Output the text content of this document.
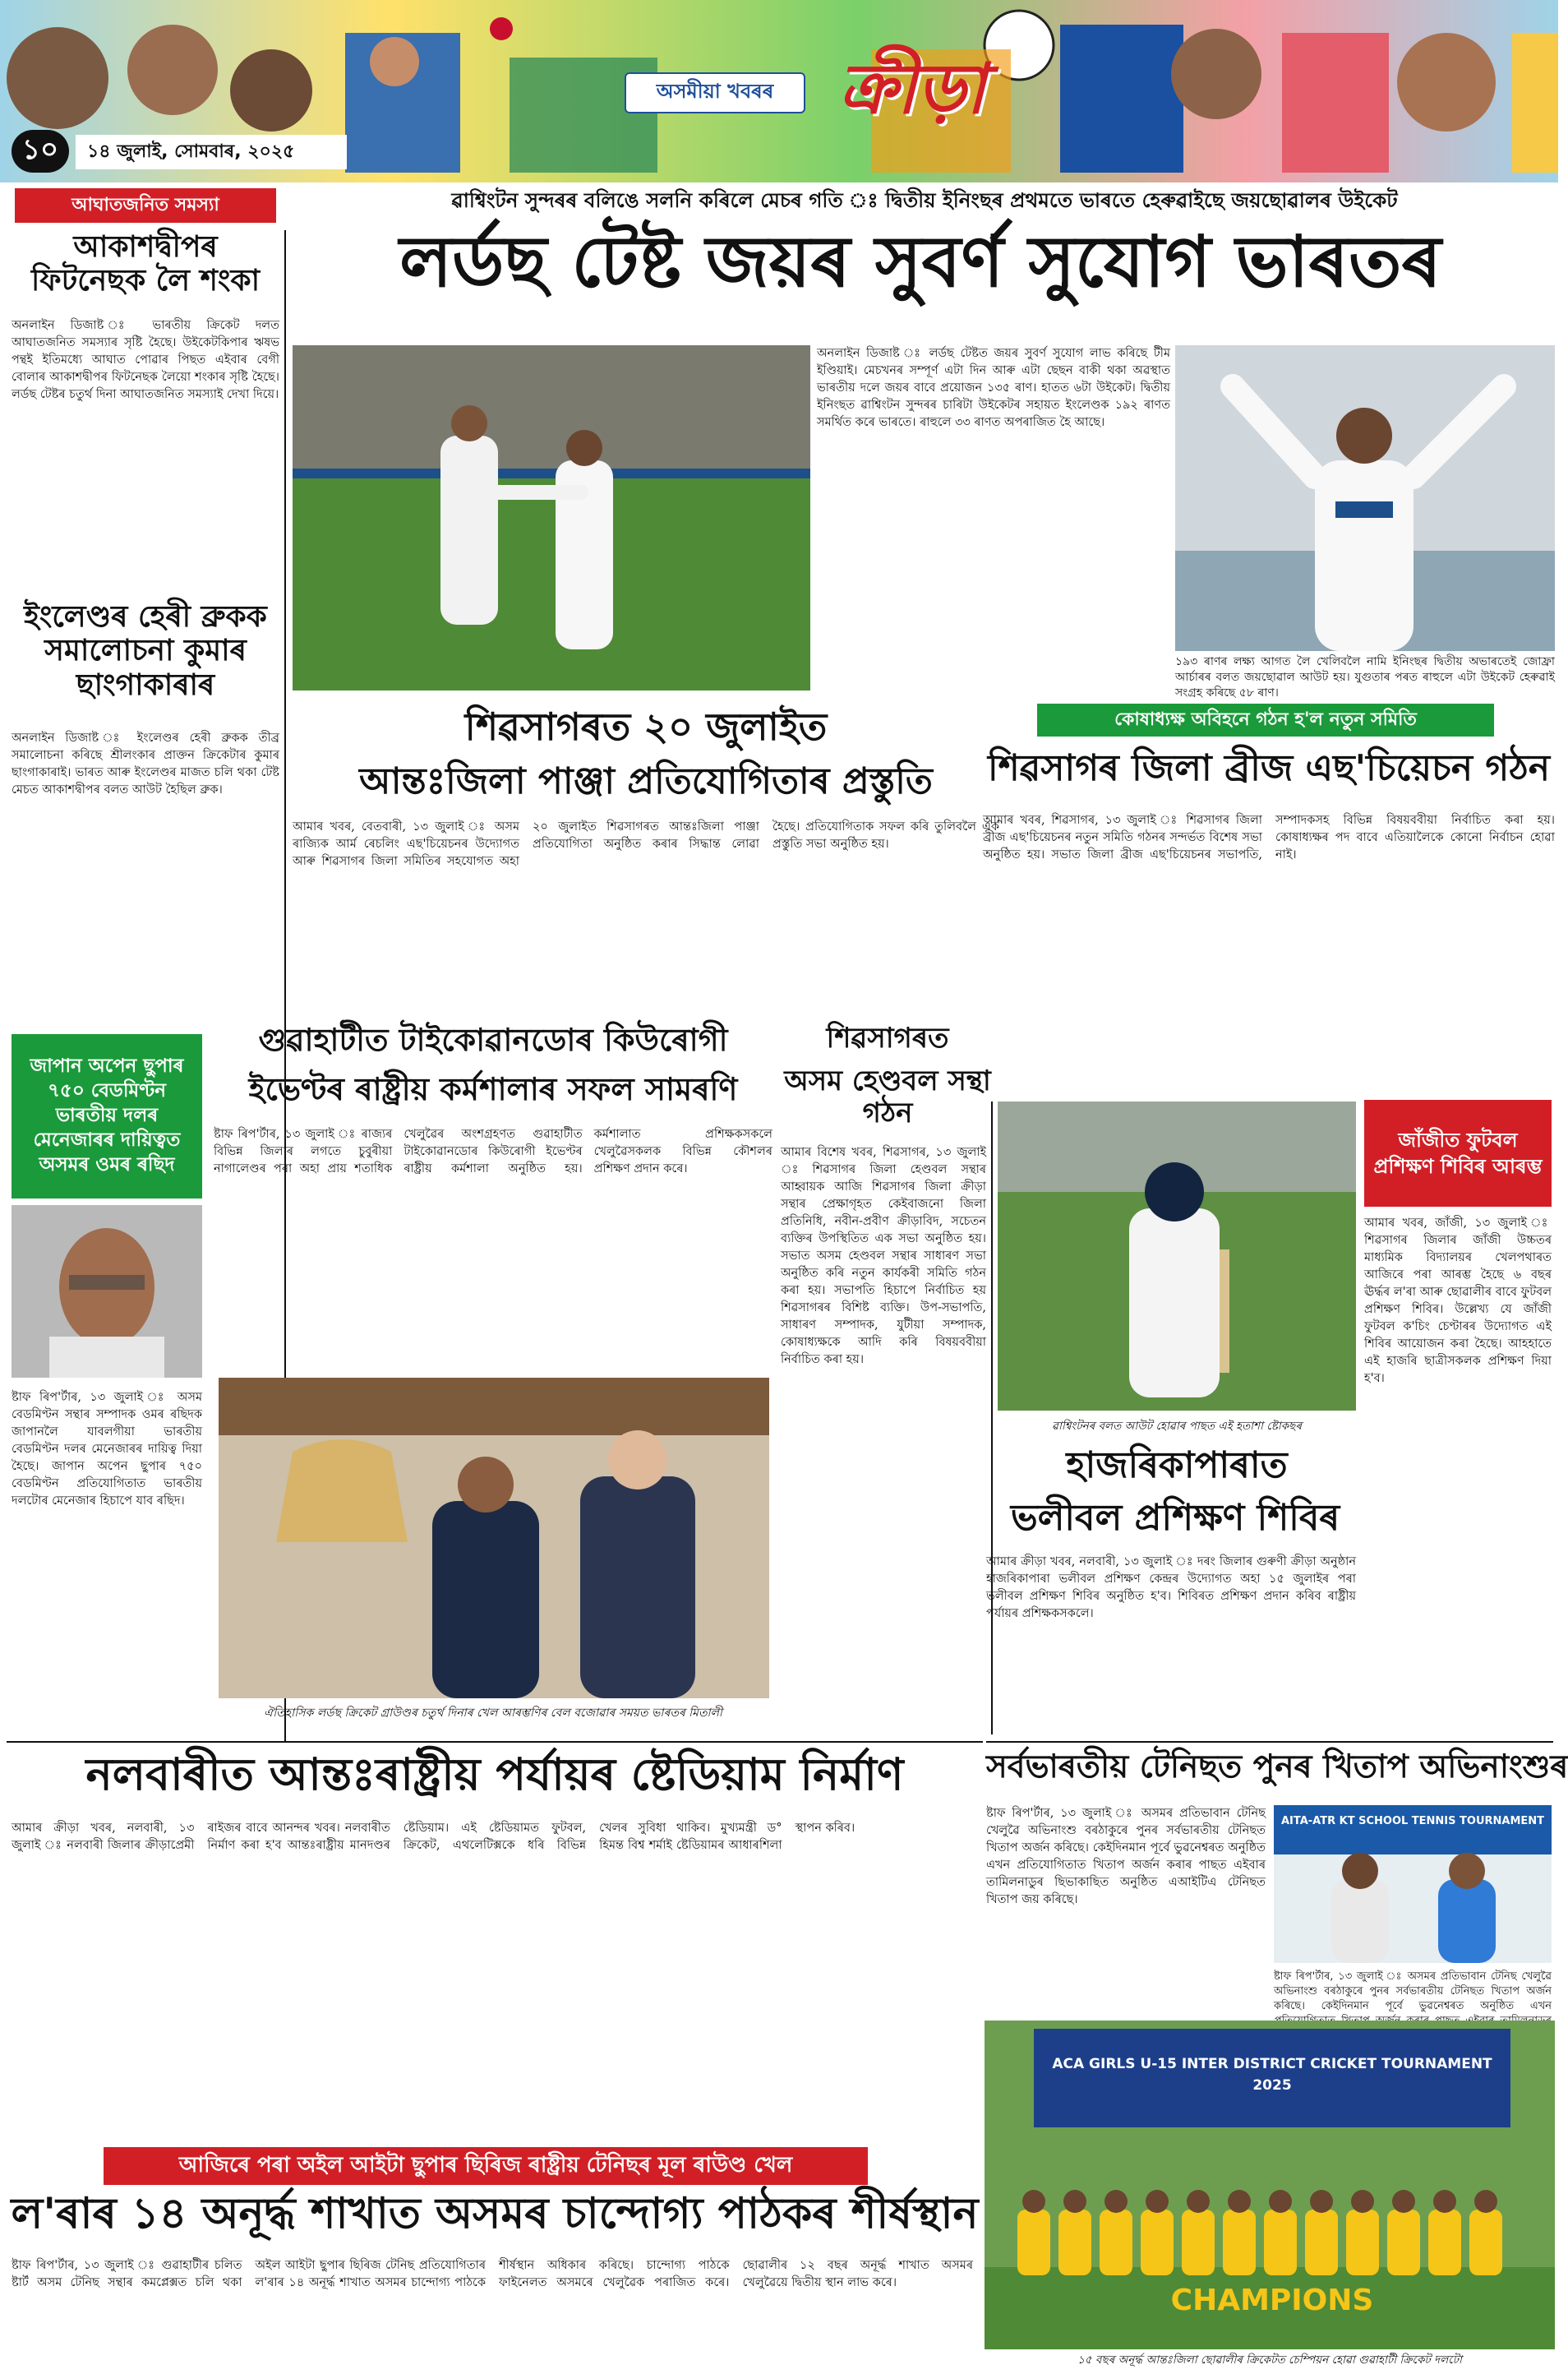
অসমীয়া খবৰৰ ক্ৰীড়া
১০ ১৪ জুলাই, সোমবাৰ, ২০২৫
আঘাতজনিত সমস্যা	ৱাশ্বিংটন সুন্দৰৰ বলিঙে সলনি কৰিলে মেচৰ গতি ঃ দ্বিতীয় ইনিংছৰ প্ৰথমতে ভাৰতে হেৰুৱাইছে জয়ছোৱালৰ উইকেট
লৰ্ডছ টেষ্ট জয়ৰ সুবৰ্ণ সুযোগ ভাৰতৰ
আকাশদ্বীপৰ ফিটনেছক লৈ শংকা
অনলাইন ডিজাষ্ট ঃ ভাৰতীয় ক্ৰিকেট দলত আঘাতজনিত সমস্যাৰ সৃষ্টি হৈছে। উইকেটকিপাৰ ঋষভ পন্থই ইতিমধ্যে আঘাত পোৱাৰ পিছত এইবাৰ বেগী বোলাৰ আকাশদ্বীপৰ ফিটনেছক লৈয়ো শংকাৰ সৃষ্টি হৈছে। লৰ্ডছ টেষ্টৰ চতুৰ্থ দিনা আঘাতজনিত সমস্যাই দেখা দিয়ে।
ইংলেণ্ডৰ হেৰী ব্ৰুকক সমালোচনা কুমাৰ ছাংগাকাৰাৰ
অনলাইন ডিজাষ্ট ঃ ইংলেণ্ডৰ হেৰী ব্ৰুকক তীব্ৰ সমালোচনা কৰিছে শ্ৰীলংকাৰ প্ৰাক্তন ক্ৰিকেটাৰ কুমাৰ ছাংগাকাৰাই। ভাৰত আৰু ইংলেণ্ডৰ মাজত চলি থকা টেষ্ট মেচত আকাশদ্বীপৰ বলত আউট হৈছিল ব্ৰুক।
জাপান অপেন ছুপাৰ ৭৫০ বেডমিণ্টন ভাৰতীয় দলৰ মেনেজাৰৰ দায়িত্বত অসমৰ ওমৰ ৰছিদ
ষ্টাফ ৰিপ'ৰ্টাৰ, ১৩ জুলাই ঃ অসম বেডমিণ্টন সন্থাৰ সম্পাদক ওমৰ ৰছিদক জাপানলৈ যাবলগীয়া ভাৰতীয় বেডমিণ্টন দলৰ মেনেজাৰৰ দায়িত্ব দিয়া হৈছে। জাপান অপেন ছুপাৰ ৭৫০ বেডমিণ্টন প্ৰতিযোগিতাত ভাৰতীয় দলটোৰ মেনেজাৰ হিচাপে যাব ৰছিদ।
অনলাইন ডিজাষ্ট ঃ লৰ্ডছ টেষ্টত জয়ৰ সুবৰ্ণ সুযোগ লাভ কৰিছে টীম ইণ্ডিয়াই। মেচখনৰ সম্পূৰ্ণ এটা দিন আৰু এটা ছেছন বাকী থকা অৱস্থাত ভাৰতীয় দলে জয়ৰ বাবে প্ৰয়োজন ১৩৫ ৰাণ। হাতত ৬টা উইকেট। দ্বিতীয় ইনিংছত ৱাশ্বিংটন সুন্দৰৰ চাৰিটা উইকেটৰ সহায়ত ইংলেণ্ডক ১৯২ ৰাণত সমৰ্থিত কৰে ভাৰতে। ৰাহুলে ৩৩ ৰাণত অপৰাজিত হৈ আছে।
১৯৩ ৰাণৰ লক্ষ্য আগত লৈ খেলিবলৈ নামি ইনিংছৰ দ্বিতীয় অভাৰতেই জোফ্ৰা আৰ্চাৰৰ বলত জয়ছোৱাল আউট হয়। যুগুতাৰ পৰত ৰাহুলে এটা উইকেট হেৰুৱাই সংগ্ৰহ কৰিছে ৫৮ ৰাণ।
কোষাধ্যক্ষ অবিহনে গঠন হ'ল নতুন সমিতি
শিৱসাগৰত ২০ জুলাইত
আন্তঃজিলা পাঞ্জা প্ৰতিযোগিতাৰ প্ৰস্তুতি
আমাৰ খবৰ, বেতবাৰী, ১৩ জুলাই ঃ অসম ৰাজ্যিক আৰ্ম ৰেচলিং এছ'চিয়েচনৰ উদ্যোগত আৰু শিৱসাগৰ জিলা সমিতিৰ সহযোগত অহা ২০ জুলাইত শিৱসাগৰত আন্তঃজিলা পাঞ্জা প্ৰতিযোগিতা অনুষ্ঠিত কৰাৰ সিদ্ধান্ত লোৱা হৈছে। প্ৰতিযোগিতাক সফল কৰি তুলিবলৈ এক প্ৰস্তুতি সভা অনুষ্ঠিত হয়।
শিৱসাগৰ জিলা ব্ৰীজ এছ'চিয়েচন গঠন
আমাৰ খবৰ, শিৱসাগৰ, ১৩ জুলাই ঃ শিৱসাগৰ জিলা ব্ৰীজ এছ'চিয়েচনৰ নতুন সমিতি গঠনৰ সন্দৰ্ভত বিশেষ সভা অনুষ্ঠিত হয়। সভাত জিলা ব্ৰীজ এছ'চিয়েচনৰ সভাপতি, সম্পাদকসহ বিভিন্ন বিষয়ববীয়া নিৰ্বাচিত কৰা হয়। কোষাধ্যক্ষৰ পদ বাবে এতিয়ালৈকে কোনো নিৰ্বাচন হোৱা নাই।
গুৱাহাটীত টাইকোৱানডোৰ কিউৰোগী
ইভেণ্টৰ ৰাষ্ট্ৰীয় কৰ্মশালাৰ সফল সামৰণি
ষ্টাফ ৰিপ'ৰ্টাৰ, ১৩ জুলাই ঃ ৰাজ্যৰ বিভিন্ন জিলাৰ লগতে চুবুৰীয়া নাগালেণ্ডৰ পৰা অহা প্ৰায় শতাধিক খেলুৱৈৰ অংশগ্ৰহণত গুৱাহাটীত টাইকোৱানডোৰ কিউৰোগী ইভেণ্টৰ ৰাষ্ট্ৰীয় কৰ্মশালা অনুষ্ঠিত হয়। কৰ্মশালাত প্ৰশিক্ষকসকলে খেলুৱৈসকলক বিভিন্ন কৌশলৰ প্ৰশিক্ষণ প্ৰদান কৰে।
ঐতিহাসিক লৰ্ডছ ক্ৰিকেট গ্ৰাউণ্ডৰ চতুৰ্থ দিনাৰ খেল আৰম্ভণিৰ বেল বজোৱাৰ সময়ত ভাৰতৰ মিতালী
শিৱসাগৰত
অসম হেণ্ডবল সন্থা গঠন
আমাৰ বিশেষ খবৰ, শিৱসাগৰ, ১৩ জুলাই ঃ শিৱসাগৰ জিলা হেণ্ডবল সন্থাৰ আহ্বায়ক আজি শিৱসাগৰ জিলা ক্ৰীড়া সন্থাৰ প্ৰেক্ষাগৃহত কেইবাজনো জিলা প্ৰতিনিধি, নবীন-প্ৰবীণ ক্ৰীড়াবিদ, সচেতন ব্যক্তিৰ উপস্থিতিত এক সভা অনুষ্ঠিত হয়। সভাত অসম হেণ্ডবল সন্থাৰ সাধাৰণ সভা অনুষ্ঠিত কৰি নতুন কাৰ্যকৰী সমিতি গঠন কৰা হয়। সভাপতি হিচাপে নিৰ্বাচিত হয় শিৱসাগৰৰ বিশিষ্ট ব্যক্তি। উপ-সভাপতি, সাধাৰণ সম্পাদক, যুটীয়া সম্পাদক, কোষাধ্যক্ষকে আদি কৰি বিষয়ববীয়া নিৰ্বাচিত কৰা হয়।
ৱাশ্বিংটনৰ বলত আউট হোৱাৰ পাছত এই হতাশা ষ্টোকছৰ
জাঁজীত ফুটবল প্ৰশিক্ষণ শিবিৰ আৰম্ভ
আমাৰ খবৰ, জাঁজী, ১৩ জুলাই ঃ শিৱসাগৰ জিলাৰ জাঁজী উচ্চতৰ মাধ্যমিক বিদ্যালয়ৰ খেলপথাৰত আজিৰে পৰা আৰম্ভ হৈছে ৬ বছৰ ঊৰ্দ্ধৰ ল'ৰা আৰু ছোৱালীৰ বাবে ফুটবল প্ৰশিক্ষণ শিবিৰ। উল্লেখ্য যে জাঁজী ফুটবল ক'চিং চেণ্টাৰৰ উদ্যোগত এই শিবিৰ আয়োজন কৰা হৈছে। আহহাতে এই হাজৰি ছাত্ৰীসকলক প্ৰশিক্ষণ দিয়া হ'ব।
হাজৰিকাপাৰাত
ভলীবল প্ৰশিক্ষণ শিবিৰ
আমাৰ ক্ৰীড়া খবৰ, নলবাৰী, ১৩ জুলাই ঃ দৰং জিলাৰ গুৰুণী ক্ৰীড়া অনুষ্ঠান হাজৰিকাপাৰা ভলীবল প্ৰশিক্ষণ কেন্দ্ৰৰ উদ্যোগত অহা ১৫ জুলাইৰ পৰা ভলীবল প্ৰশিক্ষণ শিবিৰ অনুষ্ঠিত হ'ব। শিবিৰত প্ৰশিক্ষণ প্ৰদান কৰিব ৰাষ্ট্ৰীয় পৰ্যায়ৰ প্ৰশিক্ষকসকলে।
নলবাৰীত আন্তঃৰাষ্ট্ৰীয় পৰ্যায়ৰ ষ্টেডিয়াম নিৰ্মাণ
আমাৰ ক্ৰীড়া খবৰ, নলবাৰী, ১৩ জুলাই ঃ নলবাৰী জিলাৰ ক্ৰীড়াপ্ৰেমী ৰাইজৰ বাবে আনন্দৰ খবৰ। নলবাৰীত নিৰ্মাণ কৰা হ'ব আন্তঃৰাষ্ট্ৰীয় মানদণ্ডৰ ষ্টেডিয়াম। এই ষ্টেডিয়ামত ফুটবল, ক্ৰিকেট, এথলেটিক্সকে ধৰি বিভিন্ন খেলৰ সুবিধা থাকিব। মুখ্যমন্ত্ৰী ড° হিমন্ত বিশ্ব শৰ্মাই ষ্টেডিয়ামৰ আধাৰশিলা স্থাপন কৰিব।
আজিৰে পৰা অইল আইটা ছুপাৰ ছিৰিজ ৰাষ্ট্ৰীয় টেনিছৰ মূল ৰাউণ্ড খেল
ল'ৰাৰ ১৪ অনূৰ্দ্ধ শাখাত অসমৰ চান্দোগ্য পাঠকৰ শীৰ্ষস্থান
ষ্টাফ ৰিপ'ৰ্টাৰ, ১৩ জুলাই ঃ গুৱাহাটীৰ চলিত ষ্টাৰ্ট অসম টেনিছ সন্থাৰ কমপ্লেক্সত চলি থকা অইল আইটা ছুপাৰ ছিৰিজ টেনিছ প্ৰতিযোগিতাৰ ল'ৰাৰ ১৪ অনূৰ্দ্ধ শাখাত অসমৰ চান্দোগ্য পাঠকে শীৰ্ষস্থান অধিকাৰ কৰিছে। চান্দোগ্য পাঠকে ফাইনেলত অসমৰে খেলুৱৈক পৰাজিত কৰে। ছোৱালীৰ ১২ বছৰ অনূৰ্দ্ধ শাখাত অসমৰ খেলুৱৈয়ে দ্বিতীয় স্থান লাভ কৰে।
সৰ্বভাৰতীয় টেনিছত পুনৰ খিতাপ অভিনাংশুৰ
ষ্টাফ ৰিপ'ৰ্টাৰ, ১৩ জুলাই ঃ অসমৰ প্ৰতিভাবান টেনিছ খেলুৱৈ অভিনাংশু বৰঠাকুৰে পুনৰ সৰ্বভাৰতীয় টেনিছত খিতাপ অৰ্জন কৰিছে। কেইদিনমান পূৰ্বে ভুৱনেশ্বৰত অনুষ্ঠিত এখন প্ৰতিযোগিতাত খিতাপ অৰ্জন কৰাৰ পাছত এইবাৰ তামিলনাডুৰ ছিভাকাছিত অনুষ্ঠিত এআইটিএ টেনিছত খিতাপ জয় কৰিছে।
AITA-ATR KT SCHOOL TENNIS TOURNAMENT
ষ্টাফ ৰিপ'ৰ্টাৰ, ১৩ জুলাই ঃ অসমৰ প্ৰতিভাবান টেনিছ খেলুৱৈ অভিনাংশু বৰঠাকুৰে পুনৰ সৰ্বভাৰতীয় টেনিছত খিতাপ অৰ্জন কৰিছে। কেইদিনমান পূৰ্বে ভুৱনেশ্বৰত অনুষ্ঠিত এখন
ACA GIRLS U-15 INTER DISTRICT CRICKET TOURNAMENT 2025
CHAMPIONS
১৫ বছৰ অনূৰ্দ্ধ আন্তঃজিলা ছোৱালীৰ ক্ৰিকেটত চেম্পিয়ন হোৱা গুৱাহাটী ক্ৰিকেট দলটো
